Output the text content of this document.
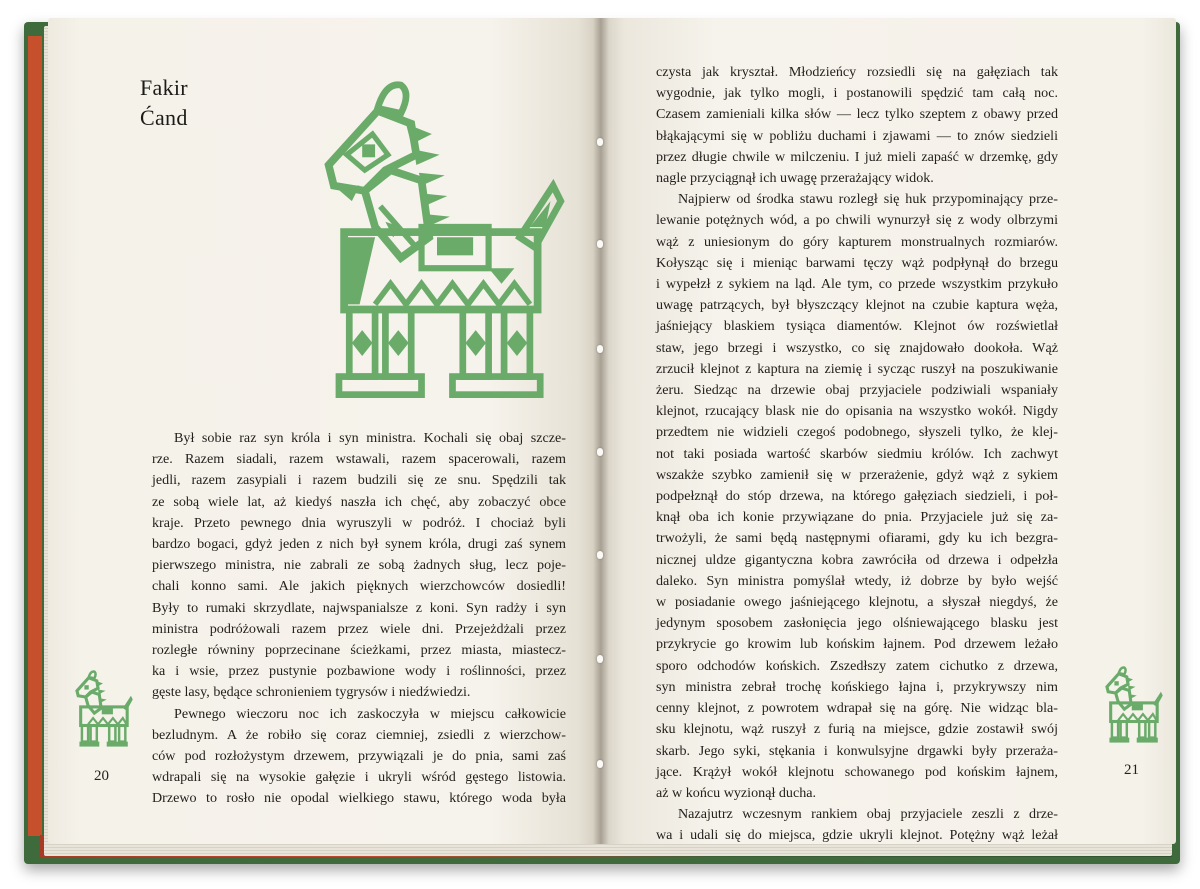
Fakir
Ćand
Był sobie raz syn króla i syn ministra. Kochali się obaj szcze-
rze. Razem siadali, razem wstawali, razem spacerowali, razem
jedli, razem zasypiali i razem budzili się ze snu. Spędzili tak
ze sobą wiele lat, aż kiedyś naszła ich chęć, aby zobaczyć obce
kraje. Przeto pewnego dnia wyruszyli w podróż. I chociaż byli
bardzo bogaci, gdyż jeden z nich był synem króla, drugi zaś synem
pierwszego ministra, nie zabrali ze sobą żadnych sług, lecz poje-
chali konno sami. Ale jakich pięknych wierzchowców dosiedli!
Były to rumaki skrzydlate, najwspanialsze z koni. Syn radży i syn
ministra podróżowali razem przez wiele dni. Przejeżdżali przez
rozległe równiny poprzecinane ścieżkami, przez miasta, miastecz-
ka i wsie, przez pustynie pozbawione wody i roślinności, przez
gęste lasy, będące schronieniem tygrysów i niedźwiedzi.
Pewnego wieczoru noc ich zaskoczyła w miejscu całkowicie
bezludnym. A że robiło się coraz ciemniej, zsiedli z wierzchow-
ców pod rozłożystym drzewem, przywiązali je do pnia, sami zaś
wdrapali się na wysokie gałęzie i ukryli wśród gęstego listowia.
Drzewo to rosło nie opodal wielkiego stawu, którego woda była
czysta jak kryształ. Młodzieńcy rozsiedli się na gałęziach tak
wygodnie, jak tylko mogli, i postanowili spędzić tam całą noc.
Czasem zamieniali kilka słów — lecz tylko szeptem z obawy przed
błąkającymi się w pobliżu duchami i zjawami — to znów siedzieli
przez długie chwile w milczeniu. I już mieli zapaść w drzemkę, gdy
nagle przyciągnął ich uwagę przerażający widok.
Najpierw od środka stawu rozległ się huk przypominający prze-
lewanie potężnych wód, a po chwili wynurzył się z wody olbrzymi
wąż z uniesionym do góry kapturem monstrualnych rozmiarów.
Kołysząc się i mieniąc barwami tęczy wąż podpłynął do brzegu
i wypełzł z sykiem na ląd. Ale tym, co przede wszystkim przykuło
uwagę patrzących, był błyszczący klejnot na czubie kaptura węża,
jaśniejący blaskiem tysiąca diamentów. Klejnot ów rozświetlał
staw, jego brzegi i wszystko, co się znajdowało dookoła. Wąż
zrzucił klejnot z kaptura na ziemię i sycząc ruszył na poszukiwanie
żeru. Siedząc na drzewie obaj przyjaciele podziwiali wspaniały
klejnot, rzucający blask nie do opisania na wszystko wokół. Nigdy
przedtem nie widzieli czegoś podobnego, słyszeli tylko, że klej-
not taki posiada wartość skarbów siedmiu królów. Ich zachwyt
wszakże szybko zamienił się w przerażenie, gdyż wąż z sykiem
podpełznął do stóp drzewa, na którego gałęziach siedzieli, i poł-
knął oba ich konie przywiązane do pnia. Przyjaciele już się za-
trwożyli, że sami będą następnymi ofiarami, gdy ku ich bezgra-
nicznej uldze gigantyczna kobra zawróciła od drzewa i odpełzła
daleko. Syn ministra pomyślał wtedy, iż dobrze by było wejść
w posiadanie owego jaśniejącego klejnotu, a słyszał niegdyś, że
jedynym sposobem zasłonięcia jego olśniewającego blasku jest
przykrycie go krowim lub końskim łajnem. Pod drzewem leżało
sporo odchodów końskich. Zszedłszy zatem cichutko z drzewa,
syn ministra zebrał trochę końskiego łajna i, przykrywszy nim
cenny klejnot, z powrotem wdrapał się na górę. Nie widząc bla-
sku klejnotu, wąż ruszył z furią na miejsce, gdzie zostawił swój
skarb. Jego syki, stękania i konwulsyjne drgawki były przeraża-
jące. Krążył wokół klejnotu schowanego pod końskim łajnem,
aż w końcu wyzionął ducha.
Nazajutrz wczesnym rankiem obaj przyjaciele zeszli z drze-
wa i udali się do miejsca, gdzie ukryli klejnot. Potężny wąż leżał
20	21
